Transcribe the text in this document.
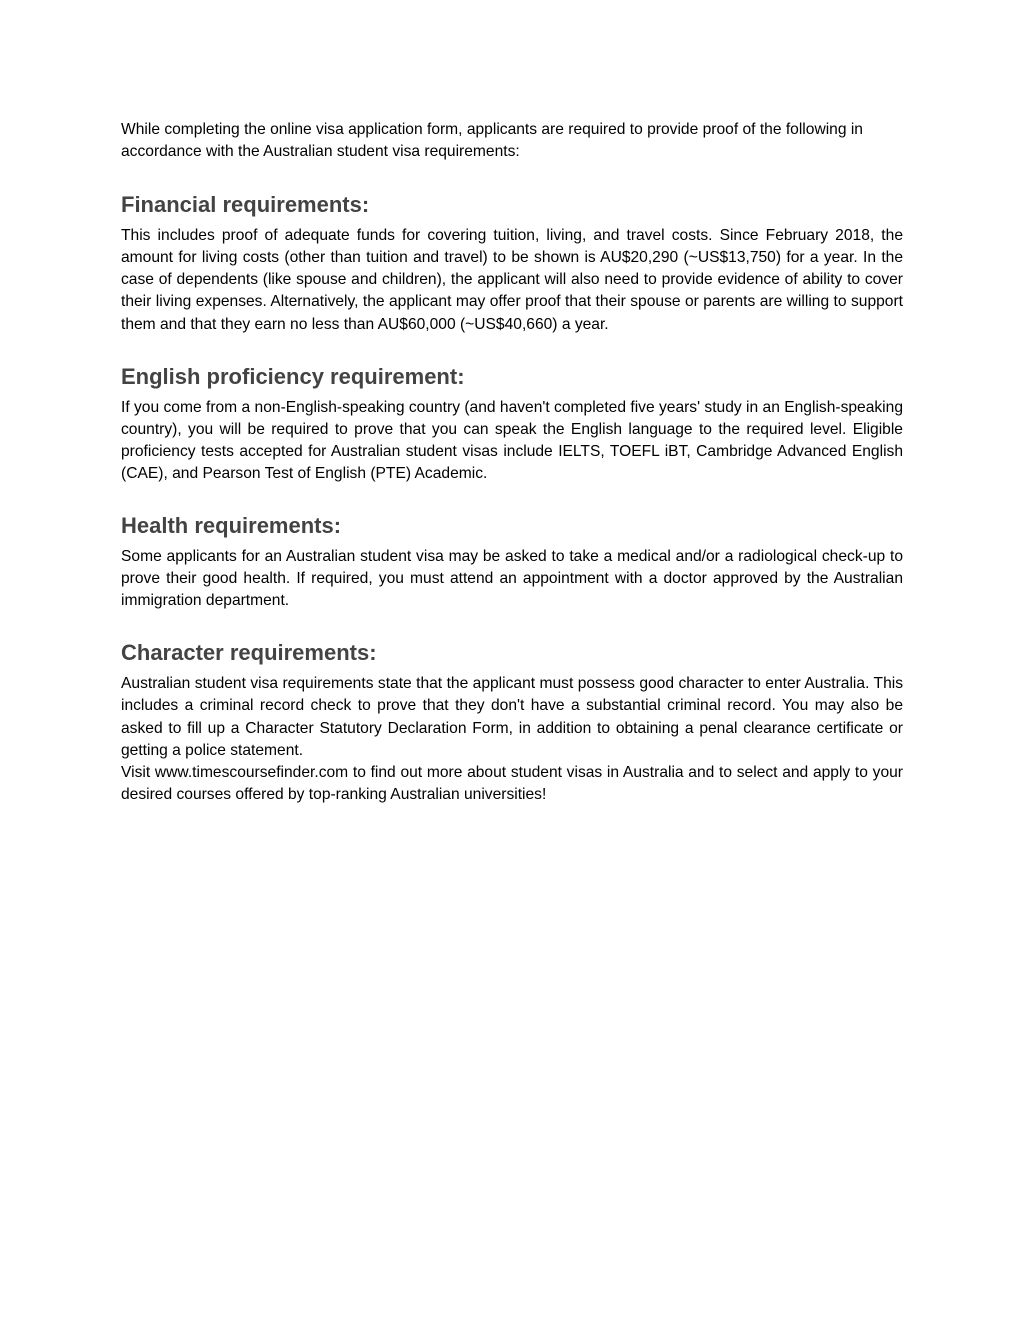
While completing the online visa application form, applicants are required to provide proof of the following in accordance with the Australian student visa requirements:

Financial requirements:

This includes proof of adequate funds for covering tuition, living, and travel costs. Since February 2018, the amount for living costs (other than tuition and travel) to be shown is AU$20,290 (~US$13,750) for a year. In the case of dependents (like spouse and children), the applicant will also need to provide evidence of ability to cover their living expenses. Alternatively, the applicant may offer proof that their spouse or parents are willing to support them and that they earn no less than AU$60,000 (~US$40,660) a year.

English proficiency requirement:

If you come from a non-English-speaking country (and haven't completed five years' study in an English-speaking country), you will be required to prove that you can speak the English language to the required level. Eligible proficiency tests accepted for Australian student visas include IELTS, TOEFL iBT, Cambridge Advanced English (CAE), and Pearson Test of English (PTE) Academic.

Health requirements:

Some applicants for an Australian student visa may be asked to take a medical and/or a radiological check-up to prove their good health. If required, you must attend an appointment with a doctor approved by the Australian immigration department.

Character requirements:

Australian student visa requirements state that the applicant must possess good character to enter Australia. This includes a criminal record check to prove that they don't have a substantial criminal record. You may also be asked to fill up a Character Statutory Declaration Form, in addition to obtaining a penal clearance certificate or getting a police statement.

Visit www.timescoursefinder.com to find out more about student visas in Australia and to select and apply to your desired courses offered by top-ranking Australian universities!
